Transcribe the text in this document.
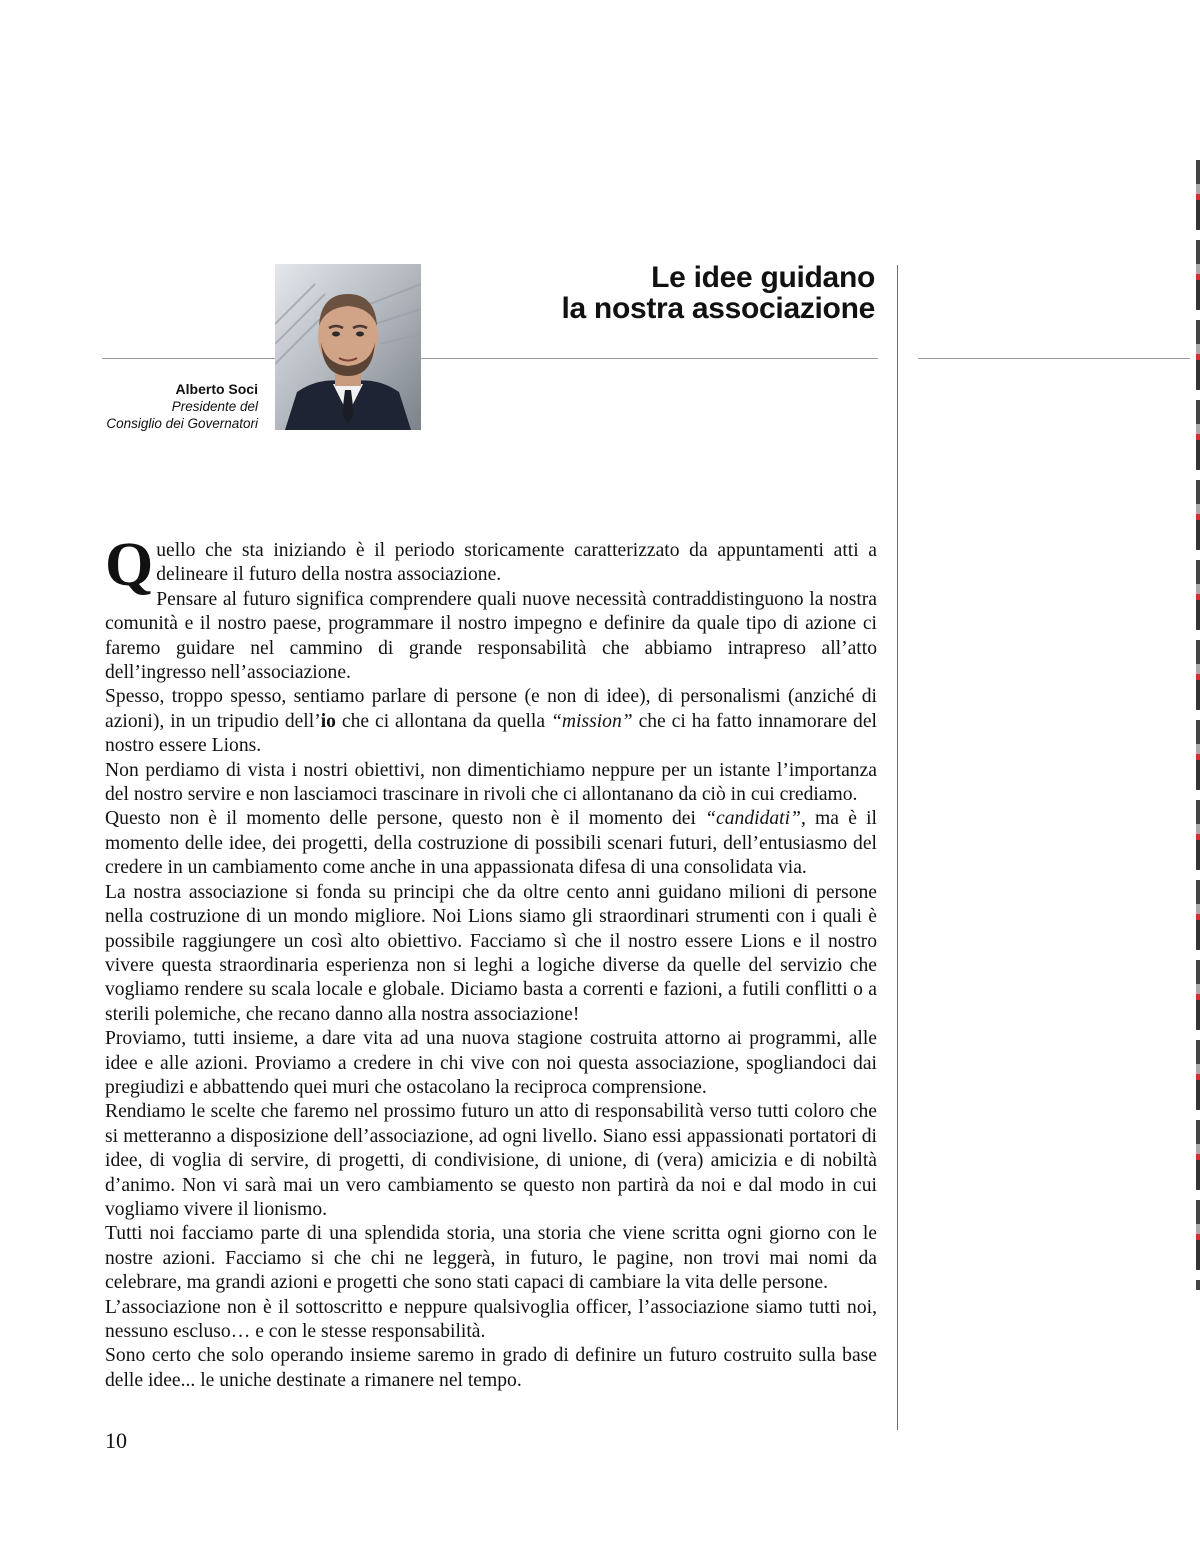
Le idee guidano
la nostra associazione
Alberto Soci
Presidente del
Consiglio dei Governatori

Quello che sta iniziando è il periodo storicamente caratterizzato da appuntamenti atti a delineare il futuro della nostra associazione.

Pensare al futuro significa comprendere quali nuove necessità contraddistinguono la nostra comunità e il nostro paese, programmare il nostro impegno e definire da quale tipo di azione ci faremo guidare nel cammino di grande responsabilità che abbiamo intrapreso all’atto dell’ingresso nell’associazione.

Spesso, troppo spesso, sentiamo parlare di persone (e non di idee), di personalismi (anziché di azioni), in un tripudio dell’io che ci allontana da quella “mission” che ci ha fatto innamorare del nostro essere Lions.

Non perdiamo di vista i nostri obiettivi, non dimentichiamo neppure per un istante l’importanza del nostro servire e non lasciamoci trascinare in rivoli che ci allontanano da ciò in cui crediamo.

Questo non è il momento delle persone, questo non è il momento dei “candidati”, ma è il momento delle idee, dei progetti, della costruzione di possibili scenari futuri, dell’entusiasmo del credere in un cambiamento come anche in una appassionata difesa di una consolidata via.

La nostra associazione si fonda su principi che da oltre cento anni guidano milioni di persone nella costruzione di un mondo migliore. Noi Lions siamo gli straordinari strumenti con i quali è possibile raggiungere un così alto obiettivo. Facciamo sì che il nostro essere Lions e il nostro vivere questa straordinaria esperienza non si leghi a logiche diverse da quelle del servizio che vogliamo rendere su scala locale e globale. Diciamo basta a correnti e fazioni, a futili conflitti o a sterili polemiche, che recano danno alla nostra associazione!

Proviamo, tutti insieme, a dare vita ad una nuova stagione costruita attorno ai programmi, alle idee e alle azioni. Proviamo a credere in chi vive con noi questa associazione, spogliandoci dai pregiudizi e abbattendo quei muri che ostacolano la reciproca comprensione.

Rendiamo le scelte che faremo nel prossimo futuro un atto di responsabilità verso tutti coloro che si metteranno a disposizione dell’associazione, ad ogni livello. Siano essi appassionati portatori di idee, di voglia di servire, di progetti, di condivisione, di unione, di (vera) amicizia e di nobiltà d’animo. Non vi sarà mai un vero cambiamento se questo non partirà da noi e dal modo in cui vogliamo vivere il lionismo.

Tutti noi facciamo parte di una splendida storia, una storia che viene scritta ogni giorno con le nostre azioni. Facciamo si che chi ne leggerà, in futuro, le pagine, non trovi mai nomi da celebrare, ma grandi azioni e progetti che sono stati capaci di cambiare la vita delle persone.

L’associazione non è il sottoscritto e neppure qualsivoglia officer, l’associazione siamo tutti noi, nessuno escluso… e con le stesse responsabilità.

Sono certo che solo operando insieme saremo in grado di definire un futuro costruito sulla base delle idee... le uniche destinate a rimanere nel tempo.

10
